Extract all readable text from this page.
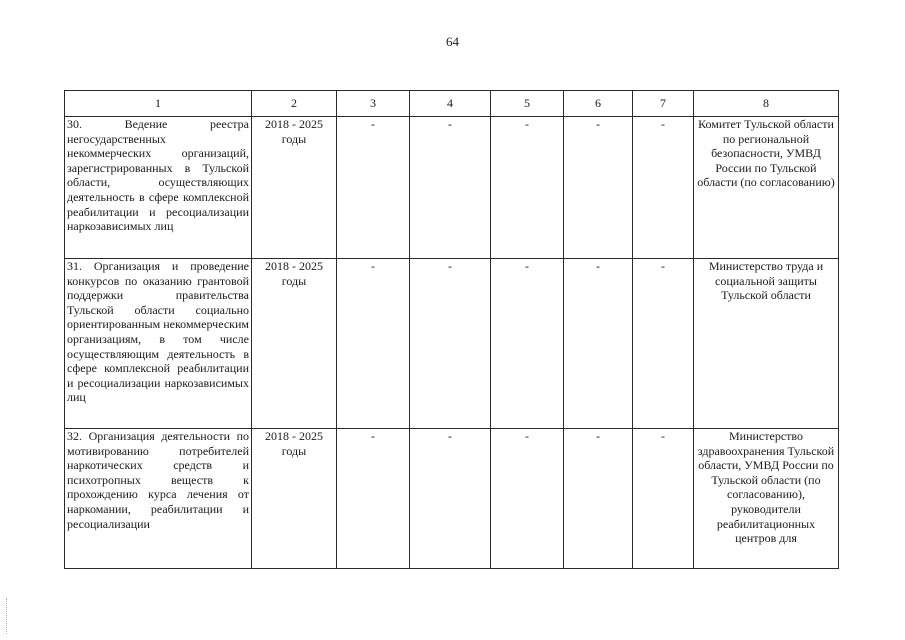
64
1	2	3	4	5	6	7	8
30. Ведение реестра негосударственных некоммерческих организаций, зарегистрированных в Тульской области, осуществляющих деятельность в сфере комплексной реабилитации и ресоциализации наркозависимых лиц	2018 - 2025 годы	-	-	-	-	-	Комитет Тульской области по региональной безопасности, УМВД России по Тульской области (по согласованию)
31. Организация и проведение конкурсов по оказанию грантовой поддержки правительства Тульской области социально ориентированным некоммерческим организациям, в том числе осуществляющим деятельность в сфере комплексной реабилитации и ресоциализации наркозависимых лиц	2018 - 2025 годы	-	-	-	-	-	Министерство труда и социальной защиты Тульской области
32. Организация деятельности по мотивированию потребителей наркотических средств и психотропных веществ к прохождению курса лечения от наркомании, реабилитации и ресоциализации	2018 - 2025 годы	-	-	-	-	-	Министерство здравоохранения Тульской области, УМВД России по Тульской области (по согласованию), руководители реабилитационных центров для
